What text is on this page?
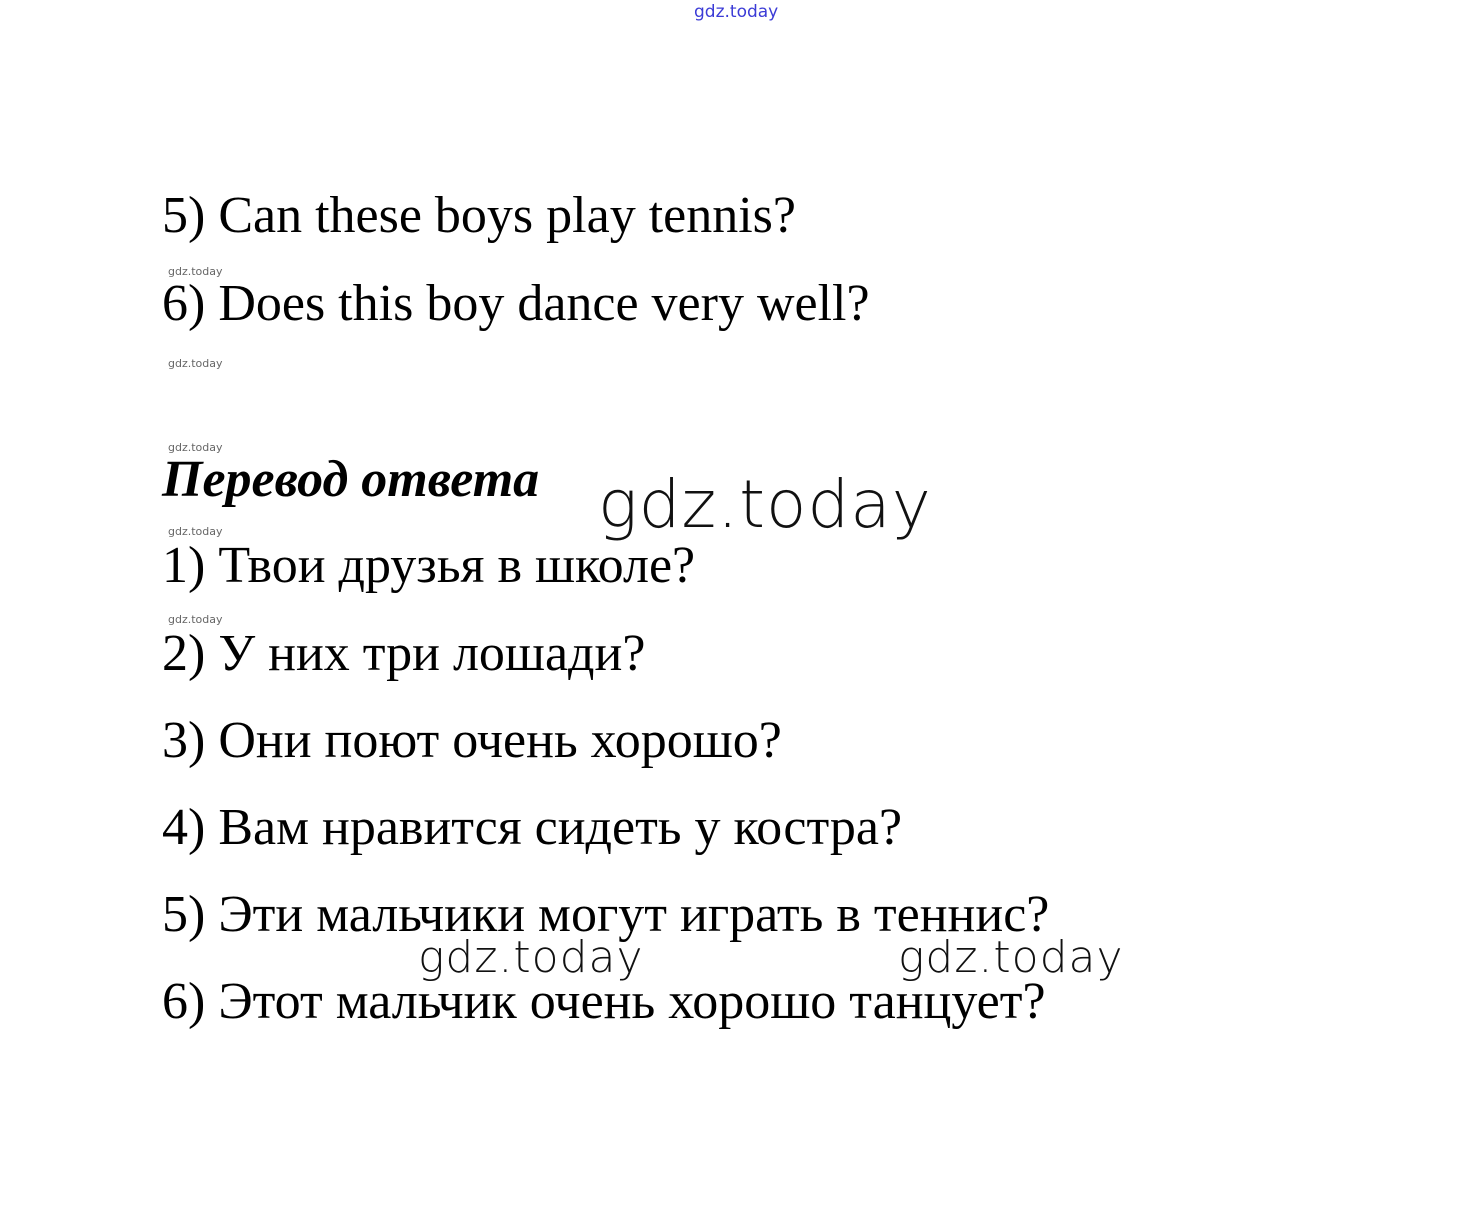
gdz.today

5) Can these boys play tennis?

gdz.today

6) Does this boy dance very well?

gdz.today
gdz.today
Перевод ответа gdz.today
gdz.today

1) Твои друзья в школе?

gdz.today

2) У них три лошади?

3) Они поют очень хорошо?

4) Вам нравится сидеть у костра?

5) Эти мальчики могут играть в теннис?

gdz.today	gdz.today

6) Этот мальчик очень хорошо танцует?
